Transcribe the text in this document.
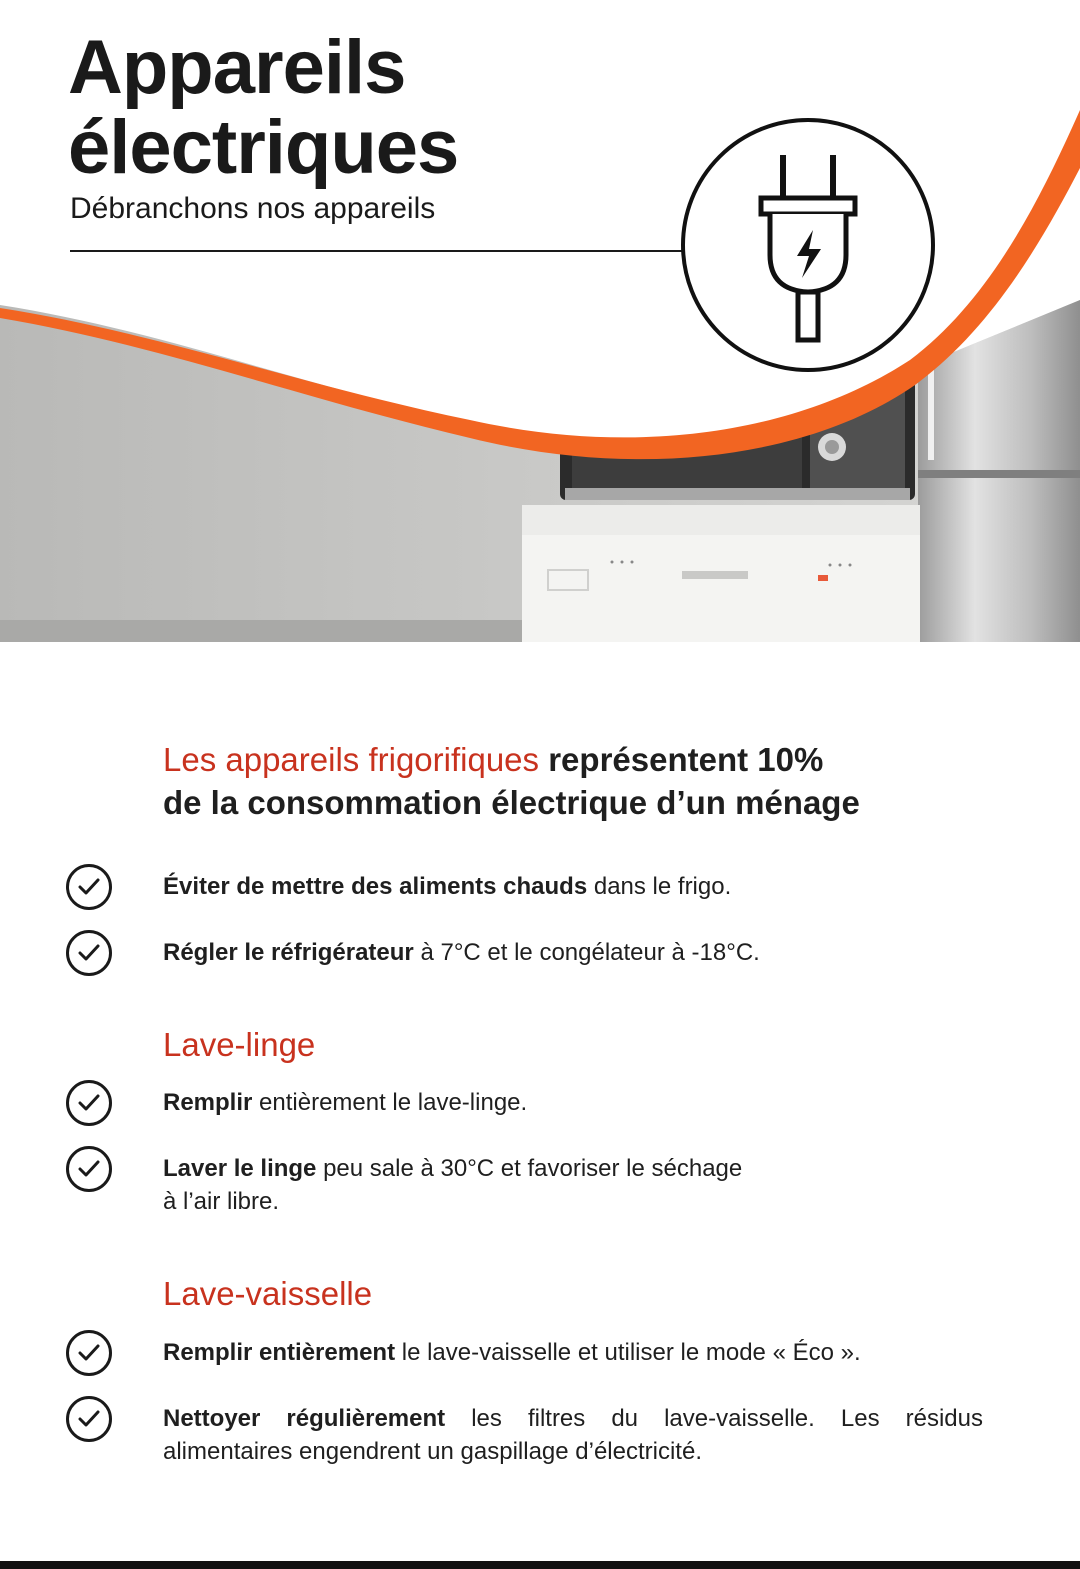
Appareils
électriques

Débranchons nos appareils

Les appareils frigorifiques représentent 10%
de la consommation électrique d’un ménage

Éviter de mettre des aliments chauds dans le frigo.

Régler le réfrigérateur à 7°C et le congélateur à -18°C.

Lave-linge

Remplir entièrement le lave-linge.

Laver le linge peu sale à 30°C et favoriser le séchage
à l’air libre.

Lave-vaisselle

Remplir entièrement le lave-vaisselle et utiliser le mode « Éco ».

Nettoyer régulièrement les filtres du lave-vaisselle. Les résidus alimentaires engendrent un gaspillage d’électricité.
